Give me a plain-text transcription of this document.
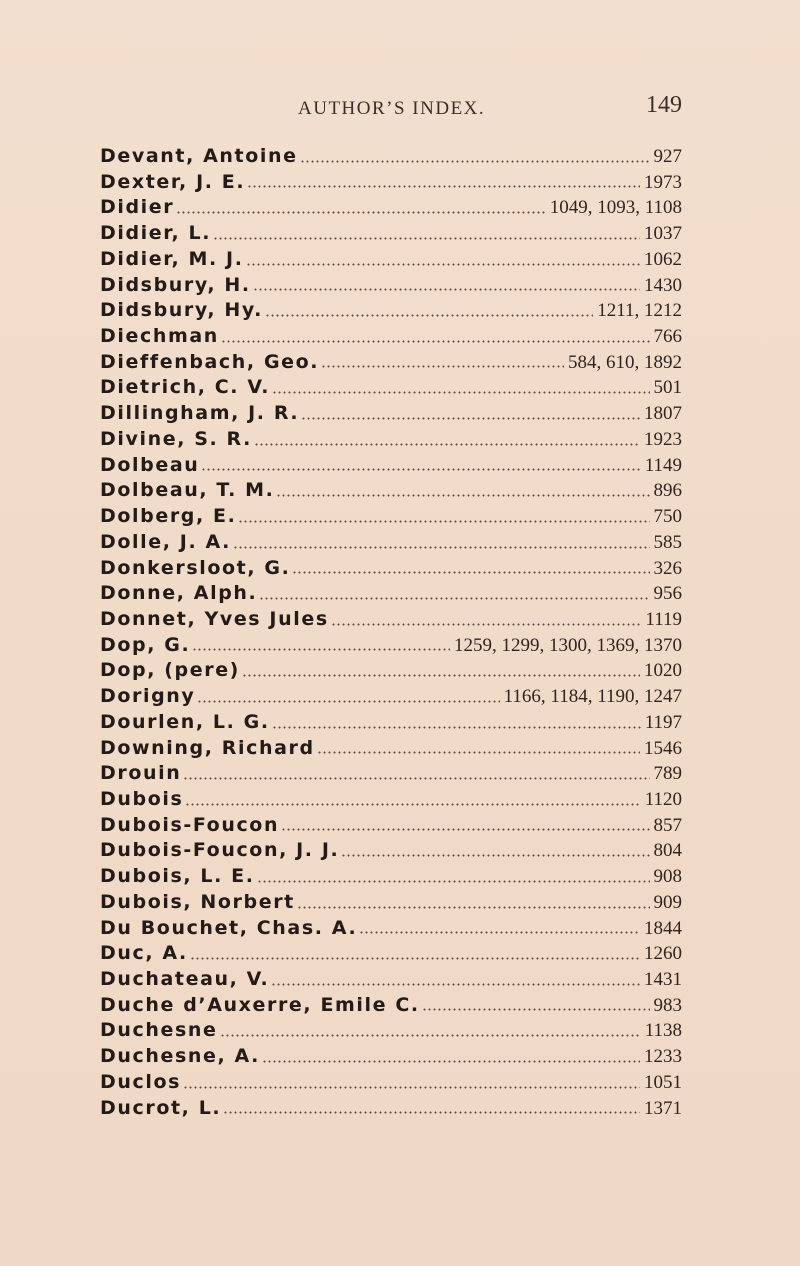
AUTHOR’S INDEX.	149
Devant, Antoine	927
Dexter, J. E.	1973
Didier	1049, 1093, 1108
Didier, L.	1037
Didier, M. J.	1062
Didsbury, H.	1430
Didsbury, Hy.	1211, 1212
Diechman	766
Dieffenbach, Geo.	584, 610, 1892
Dietrich, C. V.	501
Dillingham, J. R.	1807
Divine, S. R.	1923
Dolbeau	1149
Dolbeau, T. M.	896
Dolberg, E.	750
Dolle, J. A.	585
Donkersloot, G.	326
Donne, Alph.	956
Donnet, Yves Jules	1119
Dop, G.	1259, 1299, 1300, 1369, 1370
Dop, (pere)	1020
Dorigny	1166, 1184, 1190, 1247
Dourlen, L. G.	1197
Downing, Richard	1546
Drouin	789
Dubois	1120
Dubois-Foucon	857
Dubois-Foucon, J. J.	804
Dubois, L. E.	908
Dubois, Norbert	909
Du Bouchet, Chas. A.	1844
Duc, A.	1260
Duchateau, V.	1431
Duche d’Auxerre, Emile C.	983
Duchesne	1138
Duchesne, A.	1233
Duclos	1051
Ducrot, L.	1371
